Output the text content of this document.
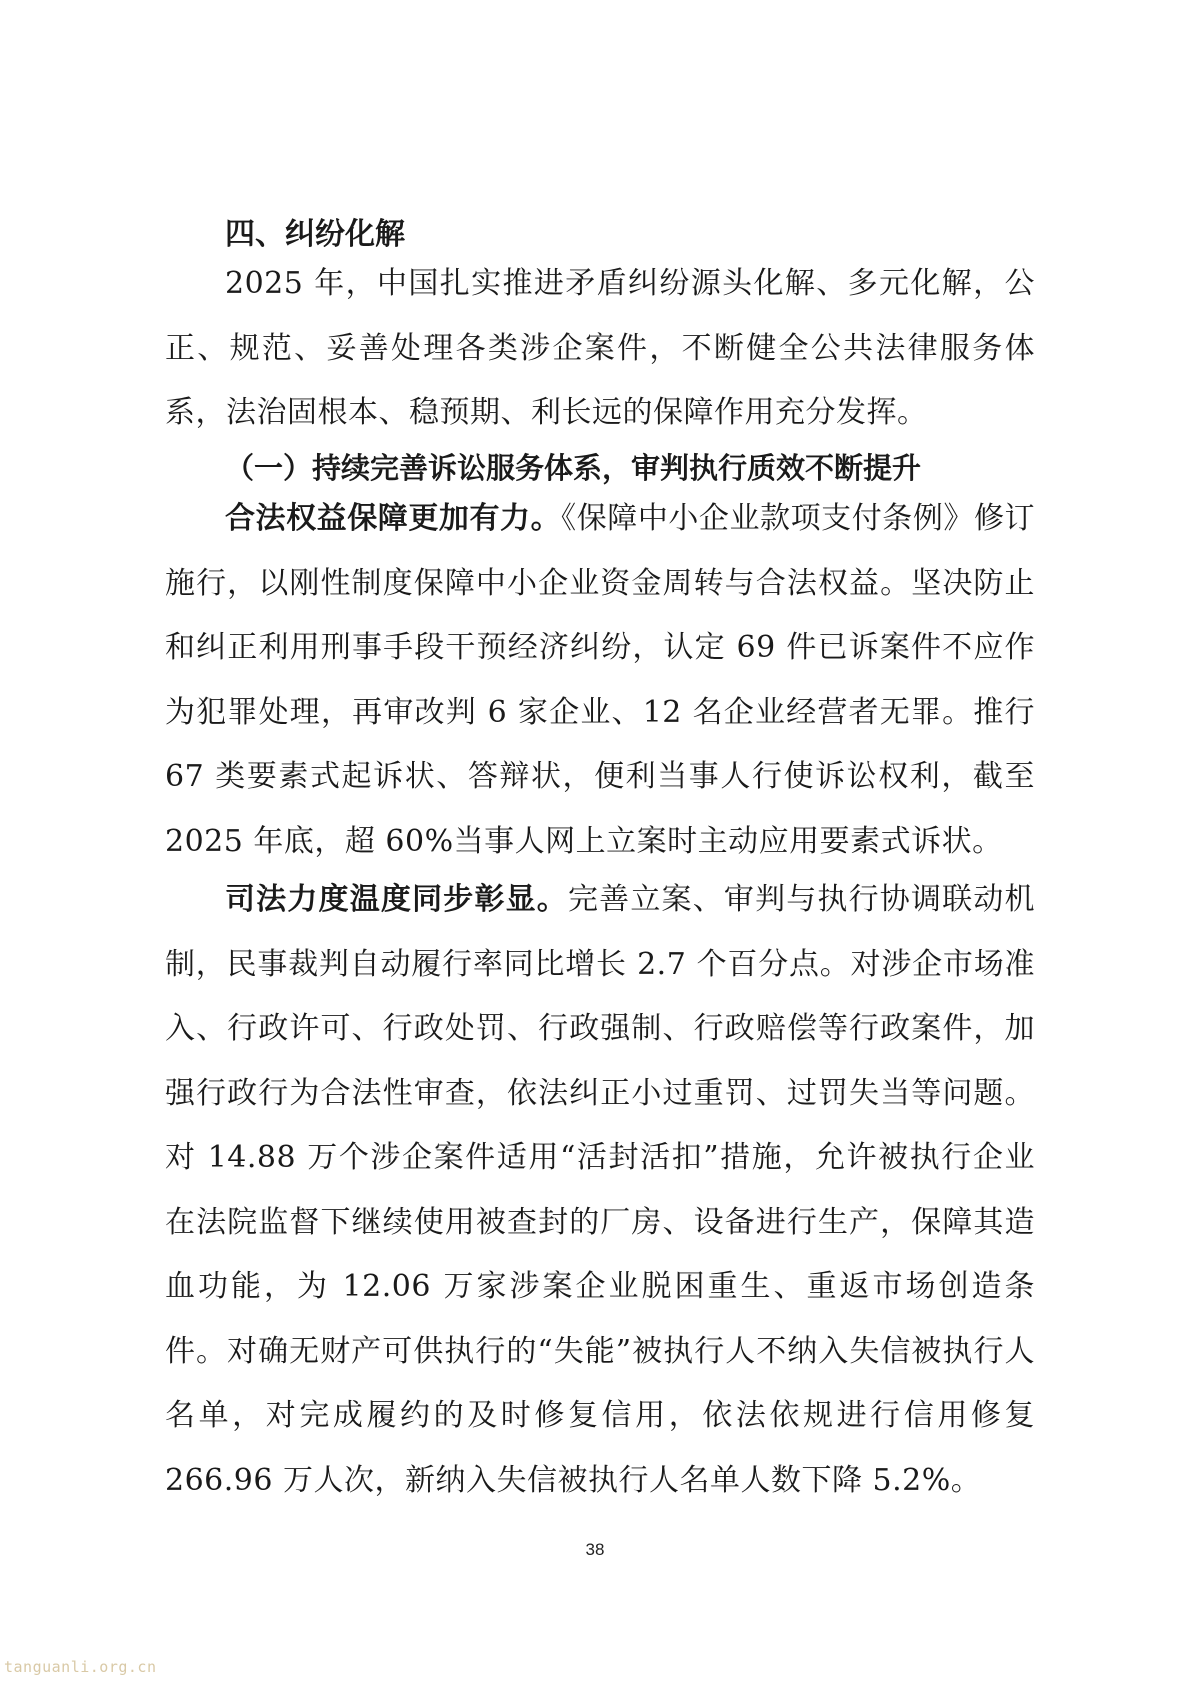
四、纠纷化解

2025 年，中国扎实推进矛盾纠纷源头化解、多元化解，公正、规范、妥善处理各类涉企案件，不断健全公共法律服务体系，法治固根本、稳预期、利长远的保障作用充分发挥。

（一）持续完善诉讼服务体系，审判执行质效不断提升

合法权益保障更加有力。《保障中小企业款项支付条例》修订施行，以刚性制度保障中小企业资金周转与合法权益。坚决防止和纠正利用刑事手段干预经济纠纷，认定 69 件已诉案件不应作为犯罪处理，再审改判 6 家企业、12 名企业经营者无罪。推行 67 类要素式起诉状、答辩状，便利当事人行使诉讼权利，截至 2025 年底，超 60%当事人网上立案时主动应用要素式诉状。

司法力度温度同步彰显。完善立案、审判与执行协调联动机制，民事裁判自动履行率同比增长 2.7 个百分点。对涉企市场准入、行政许可、行政处罚、行政强制、行政赔偿等行政案件，加强行政行为合法性审查，依法纠正小过重罚、过罚失当等问题。对 14.88 万个涉企案件适用“活封活扣”措施，允许被执行企业在法院监督下继续使用被查封的厂房、设备进行生产，保障其造血功能，为 12.06 万家涉案企业脱困重生、重返市场创造条件。对确无财产可供执行的“失能”被执行人不纳入失信被执行人名单，对完成履约的及时修复信用，依法依规进行信用修复 266.96 万人次，新纳入失信被执行人名单人数下降 5.2%。

38
tanguanli.org.cn
